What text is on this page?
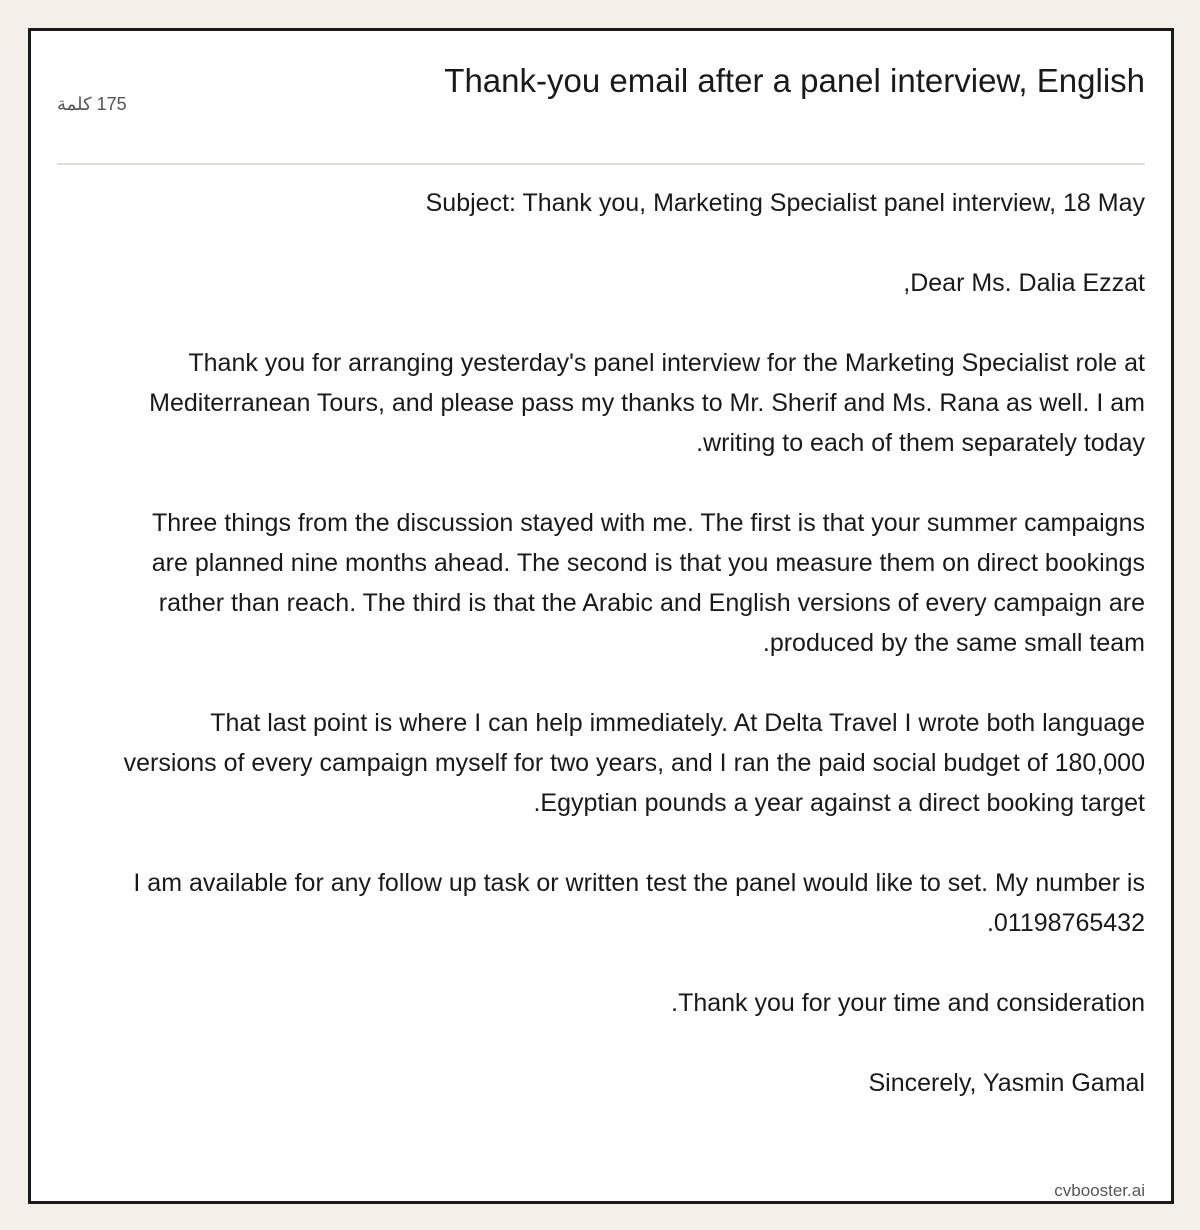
Thank-you email after a panel interview, English
175 كلمة

Subject: Thank you, Marketing Specialist panel interview, 18 May

Dear Ms. Dalia Ezzat,

Thank you for arranging yesterday's panel interview for the Marketing Specialist role at Mediterranean Tours, and please pass my thanks to Mr. Sherif and Ms. Rana as well. I am writing to each of them separately today.

Three things from the discussion stayed with me. The first is that your summer campaigns are planned nine months ahead. The second is that you measure them on direct bookings rather than reach. The third is that the Arabic and English versions of every campaign are produced by the same small team.

That last point is where I can help immediately. At Delta Travel I wrote both language versions of every campaign myself for two years, and I ran the paid social budget of 180,000 Egyptian pounds a year against a direct booking target.

I am available for any follow up task or written test the panel would like to set. My number is 01198765432.

Thank you for your time and consideration.

Sincerely, Yasmin Gamal

cvbooster.ai
